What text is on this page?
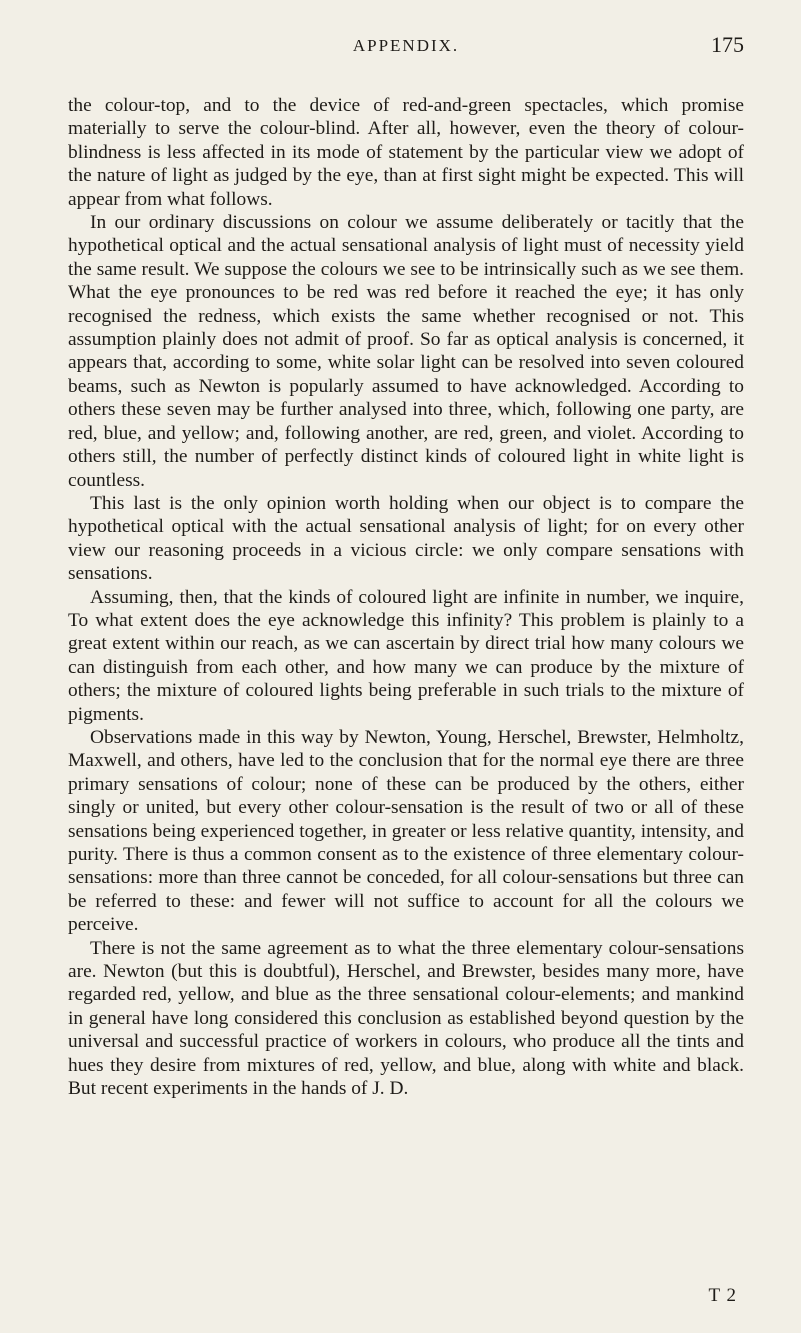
APPENDIX.	175

the colour-top, and to the device of red-and-green spectacles, which promise materially to serve the colour-blind. After all, however, even the theory of colour-blindness is less affected in its mode of statement by the particular view we adopt of the nature of light as judged by the eye, than at first sight might be expected. This will appear from what follows.

In our ordinary discussions on colour we assume deliberately or tacitly that the hypothetical optical and the actual sensational analysis of light must of necessity yield the same result. We suppose the colours we see to be intrinsically such as we see them. What the eye pronounces to be red was red before it reached the eye; it has only recognised the redness, which exists the same whether recognised or not. This assumption plainly does not admit of proof. So far as optical analysis is concerned, it appears that, according to some, white solar light can be resolved into seven coloured beams, such as Newton is popularly assumed to have acknowledged. According to others these seven may be further analysed into three, which, following one party, are red, blue, and yellow; and, following another, are red, green, and violet. According to others still, the number of perfectly distinct kinds of coloured light in white light is countless.

This last is the only opinion worth holding when our object is to compare the hypothetical optical with the actual sensational analysis of light; for on every other view our reasoning proceeds in a vicious circle: we only compare sensations with sensations.

Assuming, then, that the kinds of coloured light are infinite in number, we inquire, To what extent does the eye acknowledge this infinity? This problem is plainly to a great extent within our reach, as we can ascertain by direct trial how many colours we can distinguish from each other, and how many we can produce by the mixture of others; the mixture of coloured lights being preferable in such trials to the mixture of pigments.

Observations made in this way by Newton, Young, Herschel, Brewster, Helmholtz, Maxwell, and others, have led to the conclusion that for the normal eye there are three primary sensations of colour; none of these can be produced by the others, either singly or united, but every other colour-sensation is the result of two or all of these sensations being experienced together, in greater or less relative quantity, intensity, and purity. There is thus a common consent as to the existence of three elementary colour-sensations: more than three cannot be conceded, for all colour-sensations but three can be referred to these: and fewer will not suffice to account for all the colours we perceive.

There is not the same agreement as to what the three elementary colour-sensations are. Newton (but this is doubtful), Herschel, and Brewster, besides many more, have regarded red, yellow, and blue as the three sensational colour-elements; and mankind in general have long considered this conclusion as established beyond question by the universal and successful practice of workers in colours, who produce all the tints and hues they desire from mixtures of red, yellow, and blue, along with white and black. But recent experiments in the hands of J. D.

T 2
